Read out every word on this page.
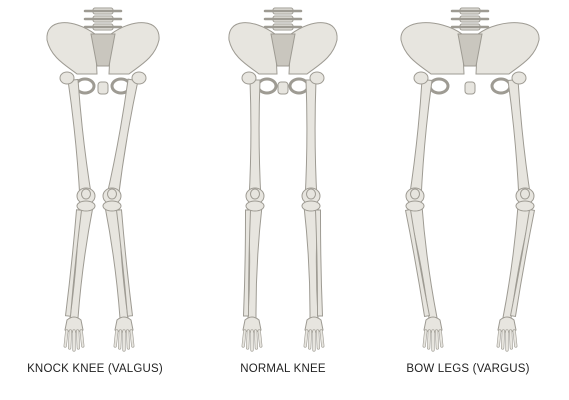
KNOCK KNEE (VALGUS)	NORMAL KNEE	BOW LEGS (VARGUS)
